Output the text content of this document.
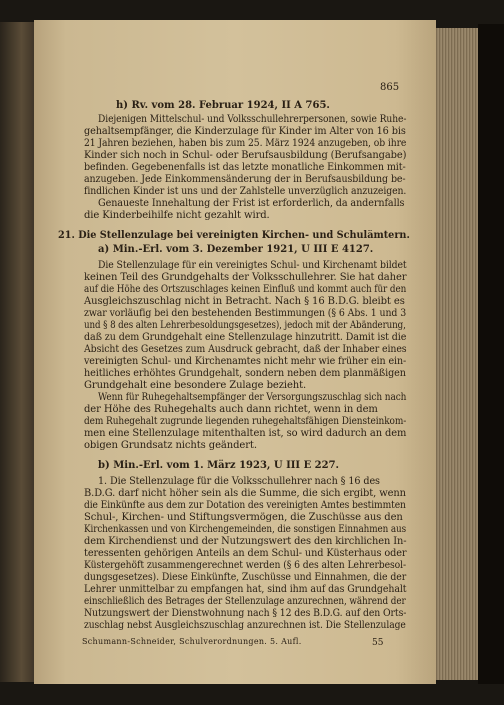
865
h) Rv. vom 28. Februar 1924, II A 765.
Diejenigen Mittelschul- und Volksschullehrerpersonen, sowie Ruhe-
gehaltsempfänger, die Kinderzulage für Kinder im Alter von 16 bis
21 Jahren beziehen, haben bis zum 25. März 1924 anzugeben, ob ihre
Kinder sich noch in Schul- oder Berufsausbildung (Berufsangabe)
befinden. Gegebenenfalls ist das letzte monatliche Einkommen mit-
anzugeben. Jede Einkommensänderung der in Berufsausbildung be-
findlichen Kinder ist uns und der Zahlstelle unverzüglich anzuzeigen.
Genaueste Innehaltung der Frist ist erforderlich, da andernfalls
die Kinderbeihilfe nicht gezahlt wird.
21. Die Stellenzulage bei vereinigten Kirchen- und Schulämtern.
a) Min.-Erl. vom 3. Dezember 1921, U III E 4127.
Die Stellenzulage für ein vereinigtes Schul- und Kirchenamt bildet
keinen Teil des Grundgehalts der Volksschullehrer. Sie hat daher
auf die Höhe des Ortszuschlages keinen Einfluß und kommt auch für den
Ausgleichszuschlag nicht in Betracht. Nach § 16 B.D.G. bleibt es
zwar vorläufig bei den bestehenden Bestimmungen (§ 6 Abs. 1 und 3
und § 8 des alten Lehrerbesoldungsgesetzes), jedoch mit der Abänderung,
daß zu dem Grundgehalt eine Stellenzulage hinzutritt. Damit ist die
Absicht des Gesetzes zum Ausdruck gebracht, daß der Inhaber eines
vereinigten Schul- und Kirchenamtes nicht mehr wie früher ein ein-
heitliches erhöhtes Grundgehalt, sondern neben dem planmäßigen
Grundgehalt eine besondere Zulage bezieht.
Wenn für Ruhegehaltsempfänger der Versorgungszuschlag sich nach
der Höhe des Ruhegehalts auch dann richtet, wenn in dem
dem Ruhegehalt zugrunde liegenden ruhegehaltsfähigen Diensteinkom-
men eine Stellenzulage mitenthalten ist, so wird dadurch an dem
obigen Grundsatz nichts geändert.
b) Min.-Erl. vom 1. März 1923, U III E 227.
1. Die Stellenzulage für die Volksschullehrer nach § 16 des
B.D.G. darf nicht höher sein als die Summe, die sich ergibt, wenn
die Einkünfte aus dem zur Dotation des vereinigten Amtes bestimmten
Schul-, Kirchen- und Stiftungsvermögen, die Zuschüsse aus den
Kirchenkassen und von Kirchengemeinden, die sonstigen Einnahmen aus
dem Kirchendienst und der Nutzungswert des den kirchlichen In-
teressenten gehörigen Anteils an dem Schul- und Küsterhaus oder
Küstergehöft zusammengerechnet werden (§ 6 des alten Lehrerbesol-
dungsgesetzes). Diese Einkünfte, Zuschüsse und Einnahmen, die der
Lehrer unmittelbar zu empfangen hat, sind ihm auf das Grundgehalt
einschließlich des Betrages der Stellenzulage anzurechnen, während der
Nutzungswert der Dienstwohnung nach § 12 des B.D.G. auf den Orts-
zuschlag nebst Ausgleichszuschlag anzurechnen ist. Die Stellenzulage
Schumann-Schneider, Schulverordnungen. 5. Aufl.	55
